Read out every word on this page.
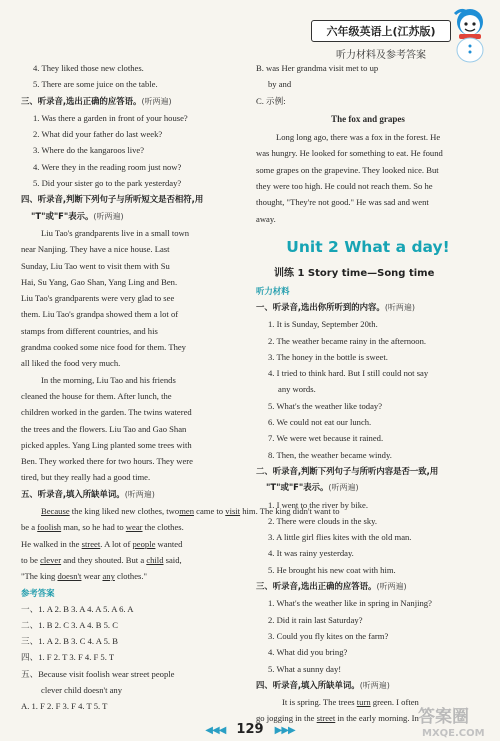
六年级英语上(江苏版)
听力材料及参考答案
4. They liked those new clothes.
5. There are some juice on the table.
三、听录音,选出正确的应答语。(听两遍)
1. Was there a garden in front of your house?
2. What did your father do last week?
3. Where do the kangaroos live?
4. Were they in the reading room just now?
5. Did your sister go to the park yesterday?
四、听录音,判断下列句子与所听短文是否相符,用
"T"或"F"表示。(听两遍)
Liu Tao's grandparents live in a small town
near Nanjing. They have a nice house. Last
Sunday, Liu Tao went to visit them with Su
Hai, Su Yang, Gao Shan, Yang Ling and Ben.
Liu Tao's grandparents were very glad to see
them. Liu Tao's grandpa showed them a lot of
stamps from different countries, and his
grandma cooked some nice food for them. They
all liked the food very much.
In the morning, Liu Tao and his friends
cleaned the house for them. After lunch, the
children worked in the garden. The twins watered
the trees and the flowers. Liu Tao and Gao Shan
picked apples. Yang Ling planted some trees with
Ben. They worked there for two hours. They were
tired, but they really had a good time.
五、听录音,填入所缺单词。(听两遍)
Because the king liked new clothes, twomen came to visit him. The king didn't want to
be a foolish man, so he had to wear the clothes.
He walked in the street. A lot of people wanted
to be clever and they shouted. But a child said,
"The king doesn't wear any clothes."
参考答案
一、1. A 2. B 3. A 4. A 5. A 6. A
二、1. B 2. C 3. A 4. B 5. C
三、1. A 2. B 3. C 4. A 5. B
四、1. F 2. T 3. F 4. F 5. T
五、Because visit foolish wear street people
clever child doesn't any
A. 1. F 2. F 3. F 4. T 5. T
B. was Her grandma visit met to up
by and
C. 示例:
The fox and grapes
Long long ago, there was a fox in the forest. He
was hungry. He looked for something to eat. He found
some grapes on the grapevine. They looked nice. But
they were too high. He could not reach them. So he
thought, "They're not good." He was sad and went
away.
Unit 2 What a day!
训练 1 Story time—Song time
听力材料
一、听录音,选出你所听到的内容。(听两遍)
1. It is Sunday, September 20th.
2. The weather became rainy in the afternoon.
3. The honey in the bottle is sweet.
4. I tried to think hard. But I still could not say
any words.
5. What's the weather like today?
6. We could not eat our lunch.
7. We were wet because it rained.
8. Then, the weather became windy.
二、听录音,判断下列句子与所听内容是否一致,用
"T"或"F"表示。(听两遍)
1. I went to the river by bike.
2. There were clouds in the sky.
3. A little girl flies kites with the old man.
4. It was rainy yesterday.
5. He brought his new coat with him.
三、听录音,选出正确的应答语。(听两遍)
1. What's the weather like in spring in Nanjing?
2. Did it rain last Saturday?
3. Could you fly kites on the farm?
4. What did you bring?
5. What a sunny day!
四、听录音,填入所缺单词。(听两遍)
It is spring. The trees turn green. I often
go jogging in the street in the early morning. In
◀◀◀ 129 ▶▶▶
答案圈
MXQE.COM
